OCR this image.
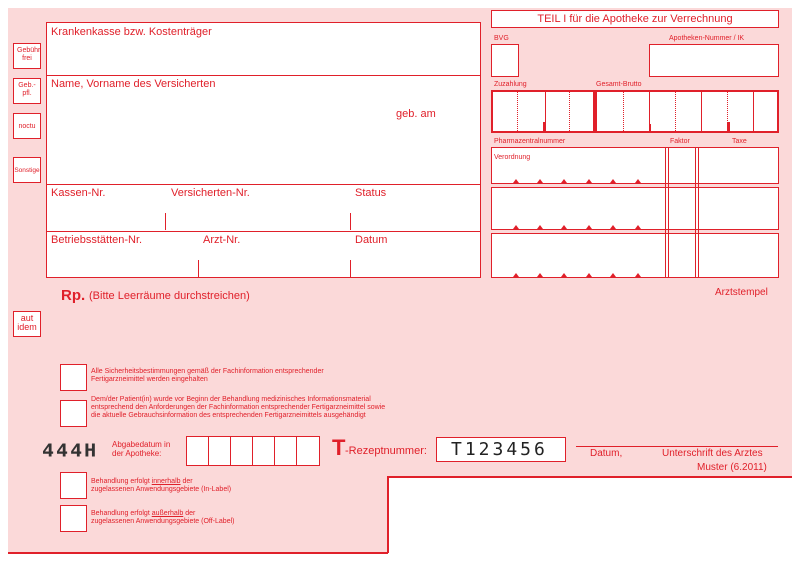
Gebühr frei
Geb.- pfl.
noctu
Sonstige
aut idem
Krankenkasse bzw. Kostenträger
Name, Vorname des Versicherten
geb. am
Kassen-Nr.	Versicherten-Nr.	Status
Betriebsstätten-Nr.	Arzt-Nr.	Datum
TEIL I für die Apotheke zur Verrechnung
BVG	Apotheken-Nummer / IK
Zuzahlung	Gesamt-Brutto
Pharmazentralnummer	Faktor	Taxe
Verordnung
Rp. (Bitte Leerräume durchstreichen)	Arztstempel
Alle Sicherheitsbestimmungen gemäß der Fachinformation entsprechender Fertigarzneimittel werden eingehalten
Dem/der Patient(in) wurde vor Beginn der Behandlung medizinisches Informationsmaterial entsprechend den Anforderungen der Fachinformation entsprechender Fertigarzneimittel sowie die aktuelle Gebrauchsinformation des entsprechenden Fertigarzneimittels ausgehändigt
444H Abgabedatum in der Apotheke:	T -Rezeptnummer:	T123456	Datum,	Unterschrift des Arztes
Muster (6.2011)
Behandlung erfolgt innerhalb der
zugelassenen Anwendungsgebiete (In-Label)
Behandlung erfolgt außerhalb der
zugelassenen Anwendungsgebiete (Off-Label)
